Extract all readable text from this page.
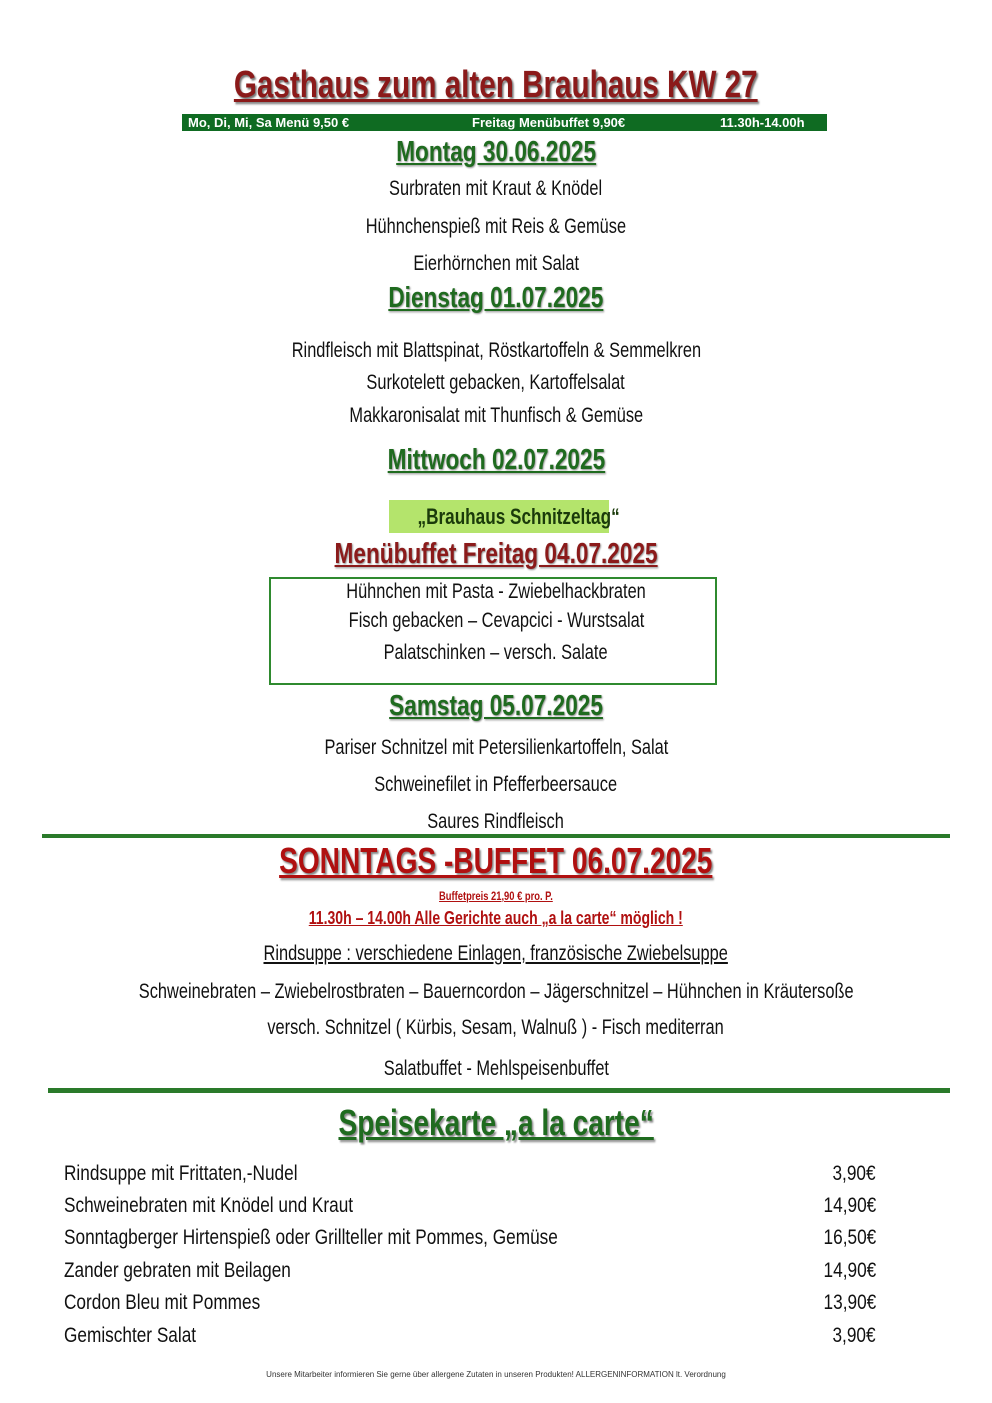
Gasthaus zum alten Brauhaus KW 27
Mo, Di, Mi, Sa Menü 9,50 €	Freitag Menübuffet 9,90€	11.30h-14.00h
Montag 30.06.2025
Surbraten mit Kraut & Knödel
Hühnchenspieß mit Reis & Gemüse
Eierhörnchen mit Salat
Dienstag 01.07.2025
Rindfleisch mit Blattspinat, Röstkartoffeln & Semmelkren
Surkotelett gebacken, Kartoffelsalat
Makkaronisalat mit Thunfisch & Gemüse
Mittwoch 02.07.2025
„Brauhaus Schnitzeltag“
Menübuffet Freitag 04.07.2025
Hühnchen mit Pasta - Zwiebelhackbraten
Fisch gebacken – Cevapcici - Wurstsalat
Palatschinken – versch. Salate
Samstag 05.07.2025
Pariser Schnitzel mit Petersilienkartoffeln, Salat
Schweinefilet in Pfefferbeersauce
Saures Rindfleisch
SONNTAGS -BUFFET 06.07.2025
Buffetpreis 21,90 € pro. P.
11.30h – 14.00h Alle Gerichte auch „a la carte“ möglich !
Rindsuppe : verschiedene Einlagen, französische Zwiebelsuppe
Schweinebraten – Zwiebelrostbraten – Bauerncordon – Jägerschnitzel – Hühnchen in Kräutersoße
versch. Schnitzel ( Kürbis, Sesam, Walnuß ) - Fisch mediterran
Salatbuffet - Mehlspeisenbuffet
Speisekarte „a la carte“
Rindsuppe mit Frittaten,-Nudel	3,90€
Schweinebraten mit Knödel und Kraut	14,90€
Sonntagberger Hirtenspieß oder Grillteller mit Pommes, Gemüse	16,50€
Zander gebraten mit Beilagen	14,90€
Cordon Bleu mit Pommes	13,90€
Gemischter Salat	3,90€
Unsere Mitarbeiter informieren Sie gerne über allergene Zutaten in unseren Produkten! ALLERGENINFORMATION lt. Verordnung
